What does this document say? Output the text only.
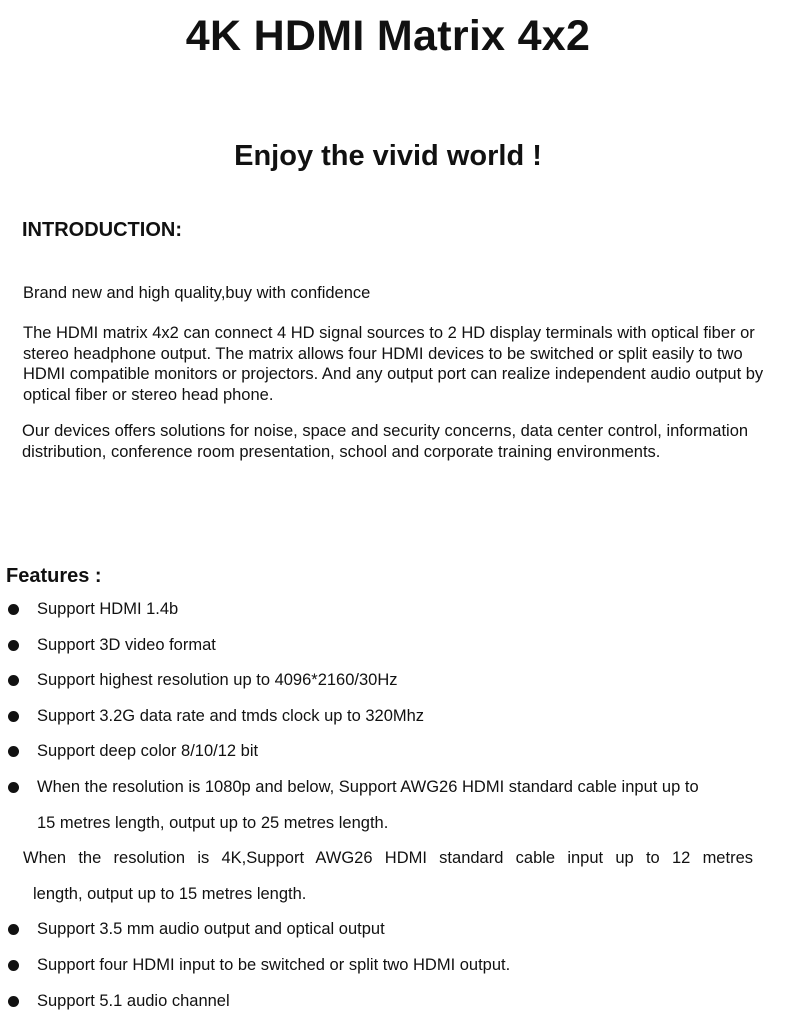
4K HDMI Matrix 4x2
Enjoy the vivid world !
INTRODUCTION:
Brand new and high quality,buy with confidence
The HDMI matrix 4x2 can connect 4 HD signal sources to 2 HD display terminals with optical fiber or stereo headphone output. The matrix allows four HDMI devices to be switched or split easily to two HDMI compatible monitors or projectors. And any output port can realize independent audio output by optical fiber or stereo head phone.
Our devices offers solutions for noise, space and security concerns, data center control, information distribution, conference room presentation, school and corporate training environments.
Features :
Support HDMI 1.4b
Support 3D video format
Support highest resolution up to 4096*2160/30Hz
Support 3.2G data rate and tmds clock up to 320Mhz
Support deep color 8/10/12 bit
When the resolution is 1080p and below, Support AWG26 HDMI standard cable input up to
15 metres length, output up to 25 metres length.
When the resolution is 4K,Support AWG26 HDMI standard cable input up to 12 metres
length, output up to 15 metres length.
Support 3.5 mm audio output and optical output
Support four HDMI input to be switched or split two HDMI output.
Support 5.1 audio channel
